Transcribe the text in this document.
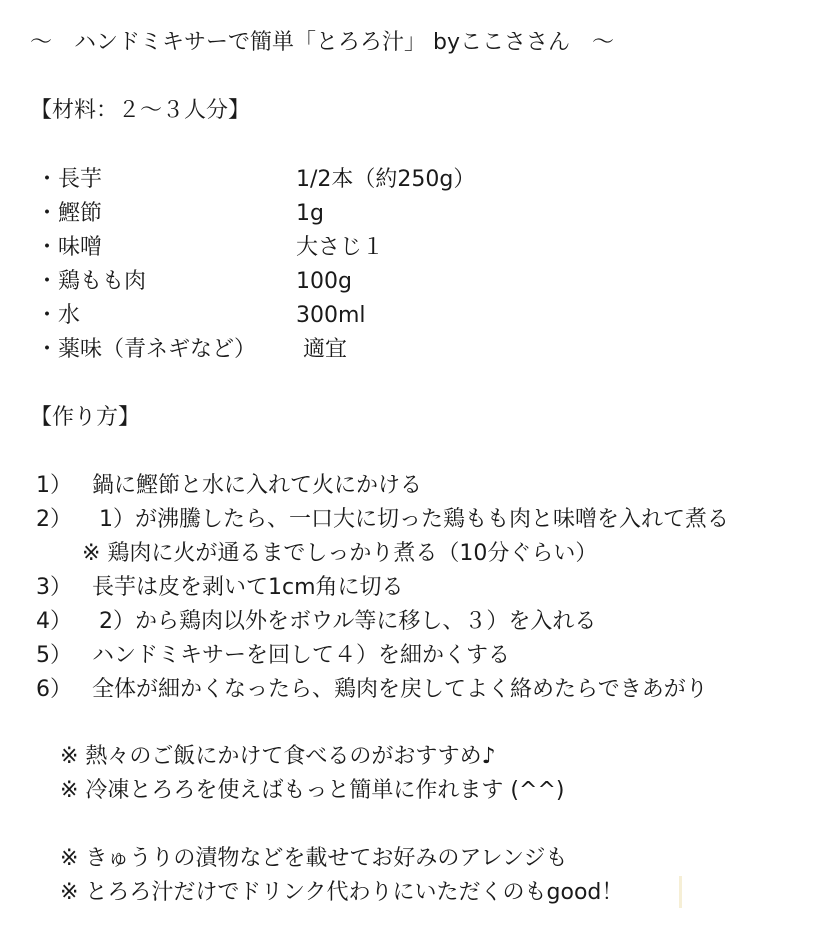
〜　ハンドミキサーで簡単「とろろ汁」 byここささん　〜
【材料：２〜３人分】
・長芋	1/2本（約250g）
・鰹節	1g
・味噌	大さじ１
・鶏もも肉	100g
・水	300ml
・薬味（青ネギなど） 適宜
【作り方】
1） 鍋に鰹節と水に入れて火にかける
2） 1）が沸騰したら、一口大に切った鶏もも肉と味噌を入れて煮る
※ 鶏肉に火が通るまでしっかり煮る（10分ぐらい）
3） 長芋は皮を剥いて1cm角に切る
4） 2）から鶏肉以外をボウル等に移し、３）を入れる
5） ハンドミキサーを回して４）を細かくする
6） 全体が細かくなったら、鶏肉を戻してよく絡めたらできあがり
※ 熱々のご飯にかけて食べるのがおすすめ♪
※ 冷凍とろろを使えばもっと簡単に作れます (^^)
※ きゅうりの漬物などを載せてお好みのアレンジも
※ とろろ汁だけでドリンク代わりにいただくのもgood！
